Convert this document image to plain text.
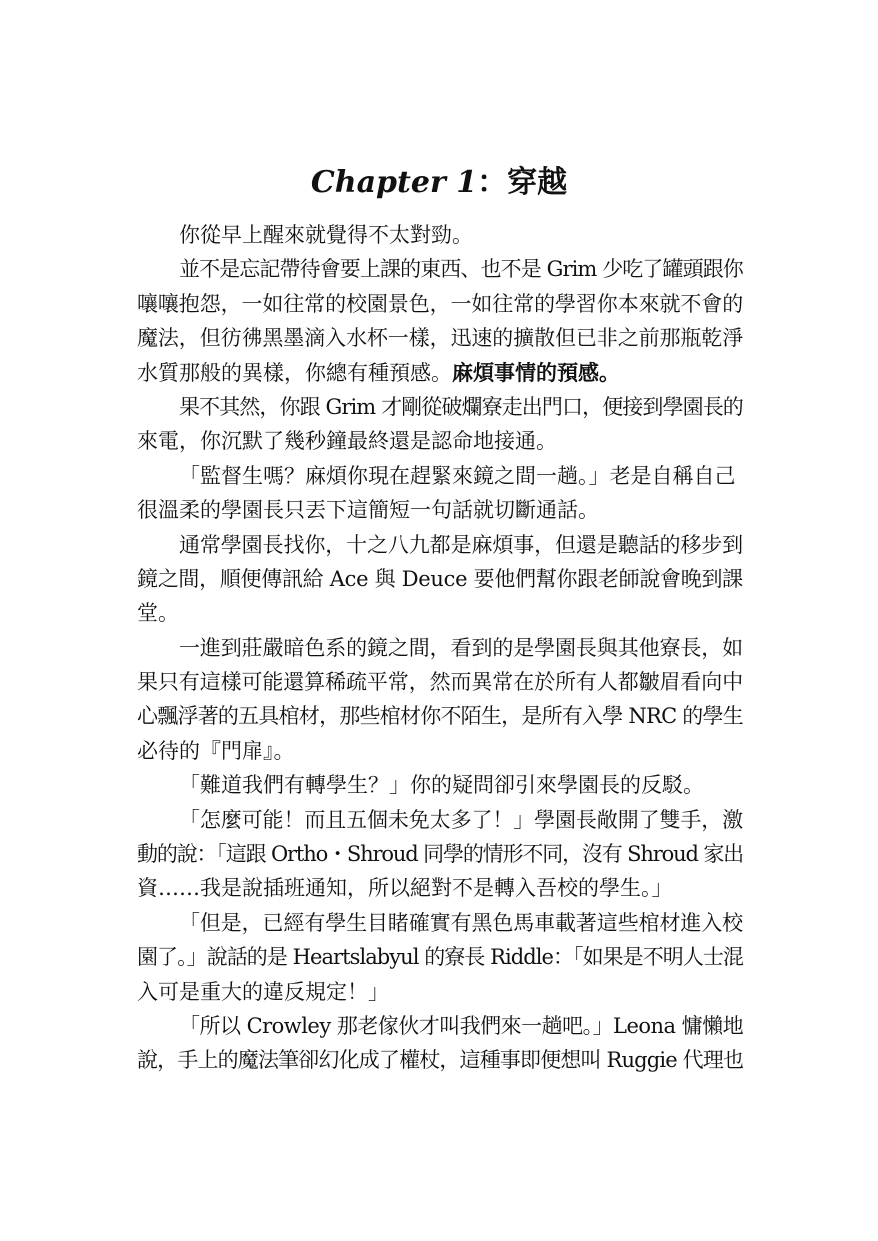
Chapter 1：穿越
你從早上醒來就覺得不太對勁。
並不是忘記帶待會要上課的東西、也不是 Grim 少吃了罐頭跟你
嚷嚷抱怨，一如往常的校園景色，一如往常的學習你本來就不會的
魔法，但彷彿黑墨滴入水杯一樣，迅速的擴散但已非之前那瓶乾淨
水質那般的異樣，你總有種預感。麻煩事情的預感。
果不其然，你跟 Grim 才剛從破爛寮走出門口，便接到學園長的
來電，你沉默了幾秒鐘最終還是認命地接通。
「監督生嗎？麻煩你現在趕緊來鏡之間一趟。」老是自稱自己
很溫柔的學園長只丟下這簡短一句話就切斷通話。
通常學園長找你，十之八九都是麻煩事，但還是聽話的移步到
鏡之間，順便傳訊給 Ace 與 Deuce 要他們幫你跟老師說會晚到課
堂。
一進到莊嚴暗色系的鏡之間，看到的是學園長與其他寮長，如
果只有這樣可能還算稀疏平常，然而異常在於所有人都皺眉看向中
心飄浮著的五具棺材，那些棺材你不陌生，是所有入學 NRC 的學生
必待的『門扉』。
「難道我們有轉學生？」你的疑問卻引來學園長的反駁。
「怎麼可能！而且五個未免太多了！」學園長敞開了雙手，激
動的說：「這跟 Ortho・Shroud 同學的情形不同，沒有 Shroud 家出
資……我是說插班通知，所以絕對不是轉入吾校的學生。」
「但是，已經有學生目睹確實有黑色馬車載著這些棺材進入校
園了。」說話的是 Heartslabyul 的寮長 Riddle：「如果是不明人士混
入可是重大的違反規定！」
「所以 Crowley 那老傢伙才叫我們來一趟吧。」Leona 慵懶地
說，手上的魔法筆卻幻化成了權杖，這種事即便想叫 Ruggie 代理也
